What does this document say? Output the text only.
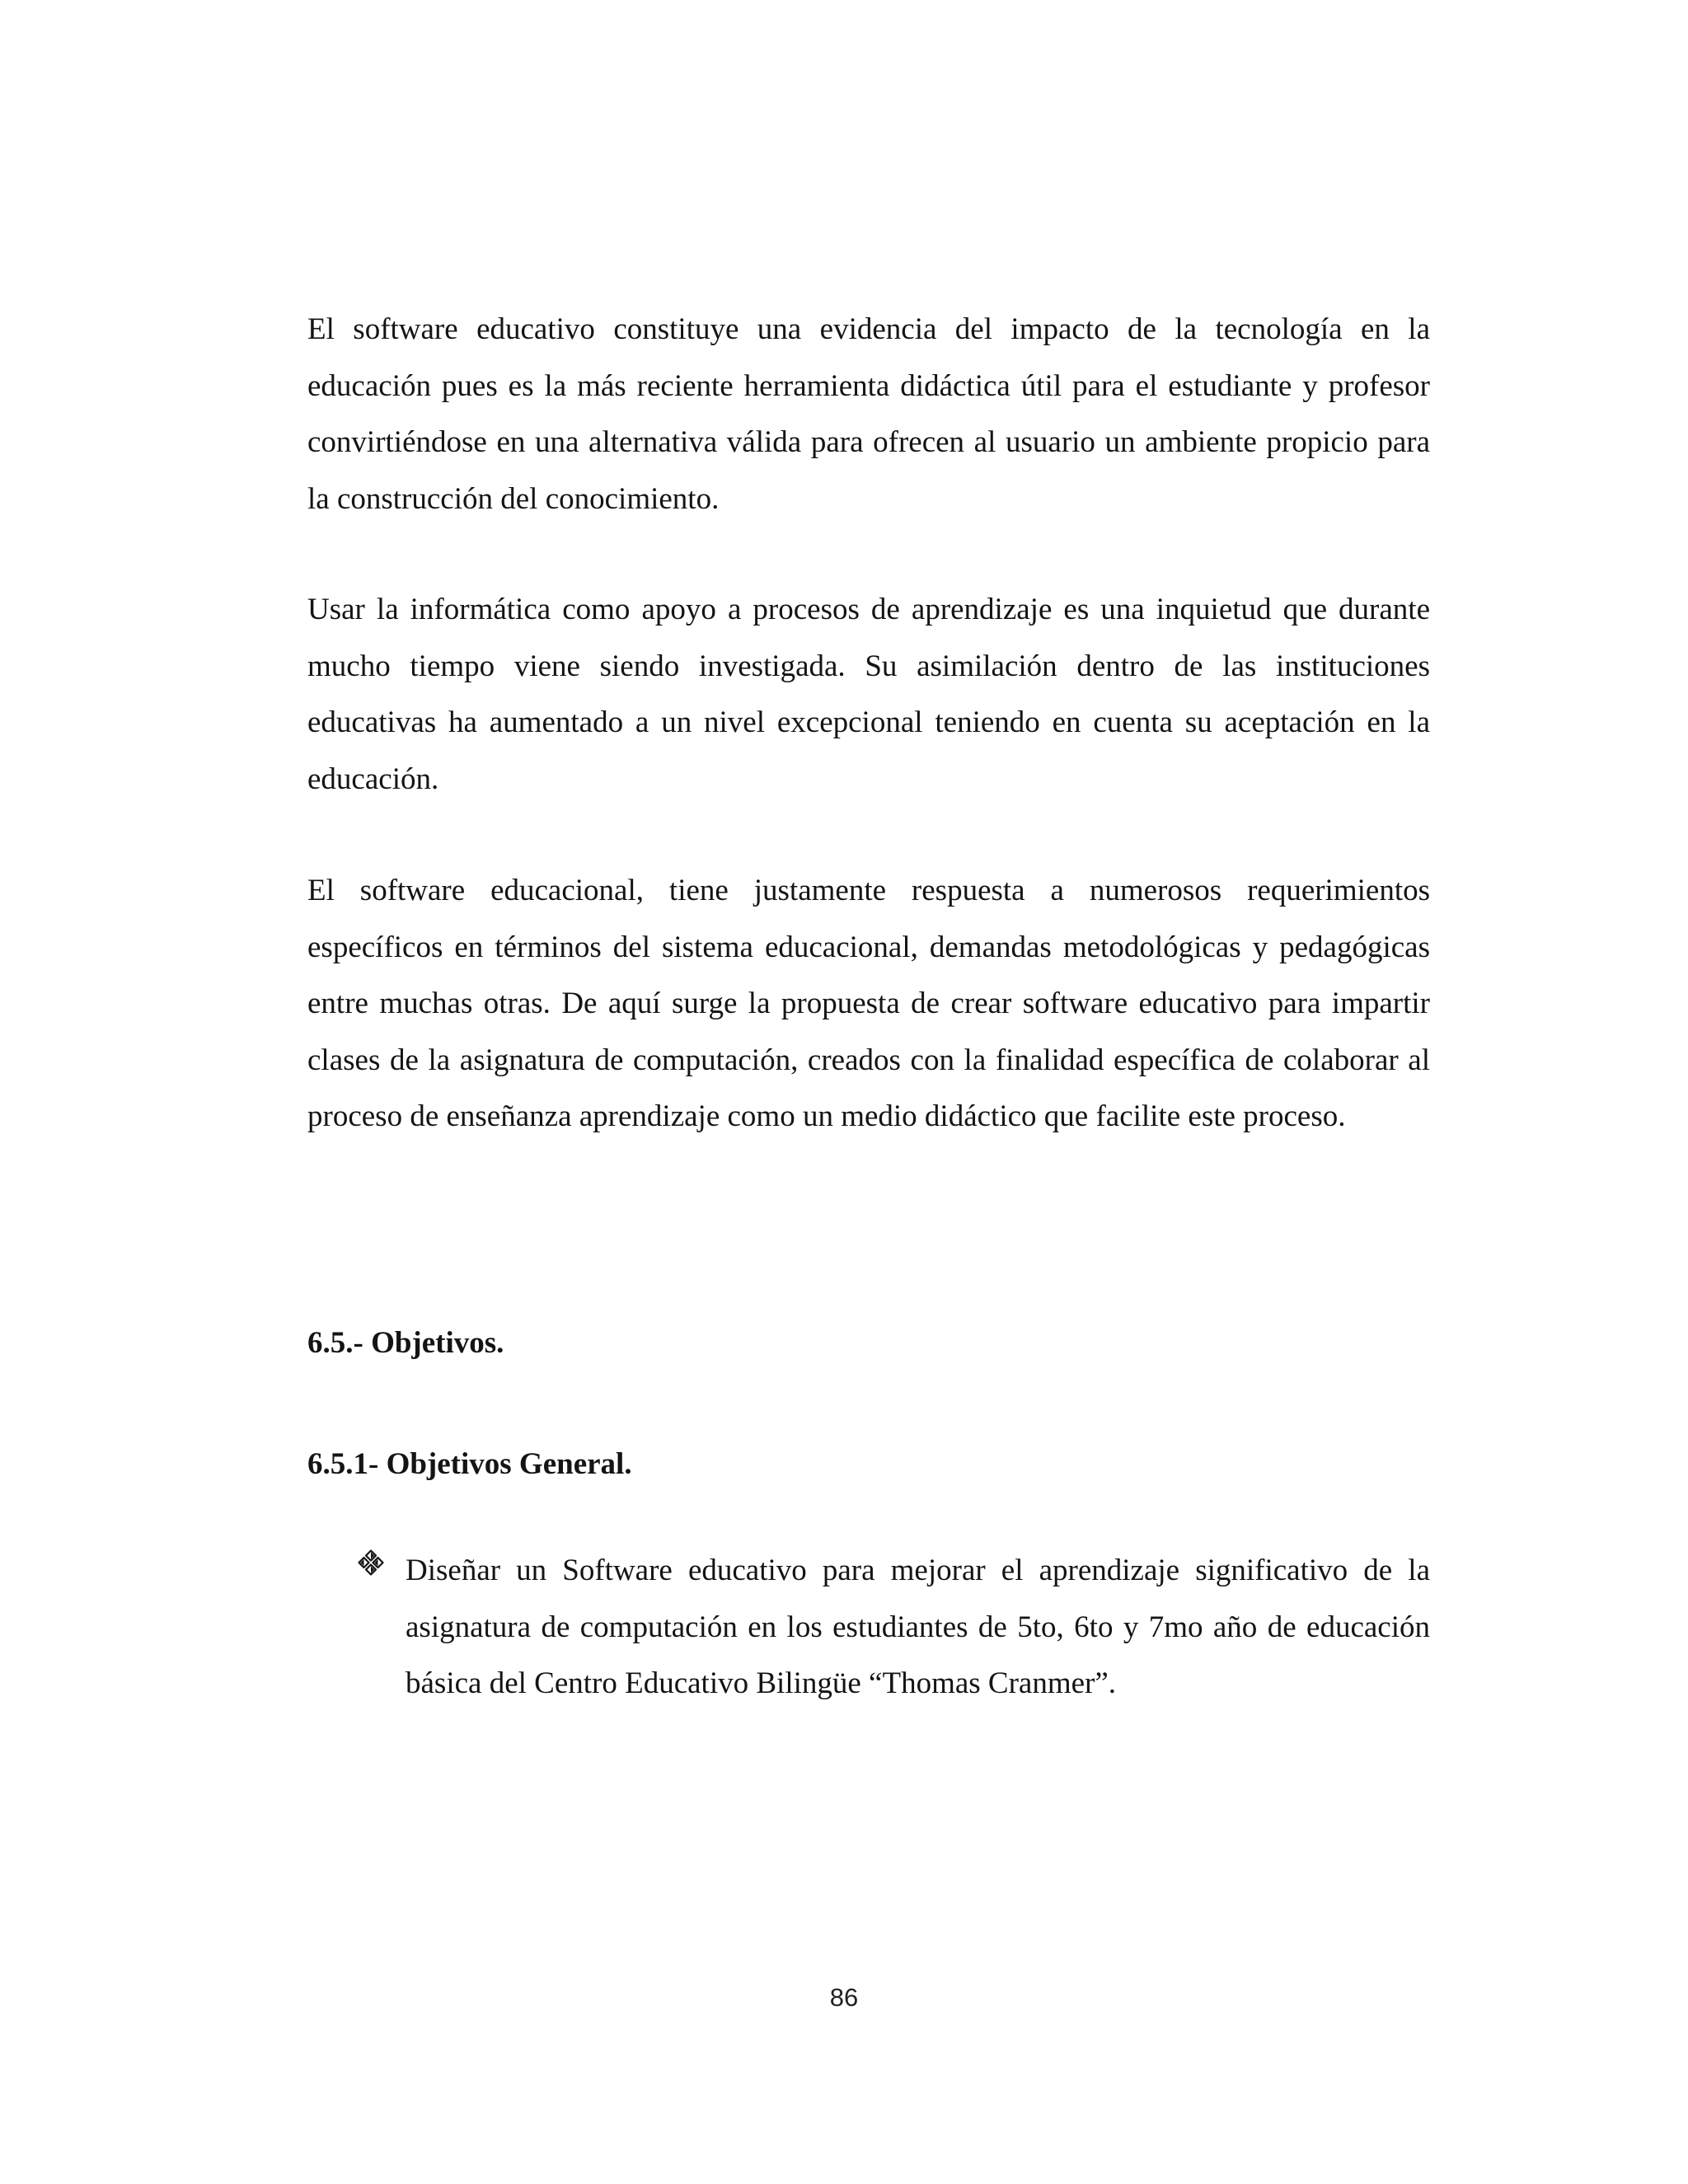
El software educativo constituye una evidencia del impacto de la tecnología en la educación pues es la más reciente herramienta didáctica útil para el estudiante y profesor convirtiéndose en una alternativa válida para ofrecen al usuario un ambiente propicio para la construcción del conocimiento.

Usar la informática como apoyo a procesos de aprendizaje es una inquietud que durante mucho tiempo viene siendo investigada. Su asimilación dentro de las instituciones educativas ha aumentado a un nivel excepcional teniendo en cuenta su aceptación en la educación.

El software educacional, tiene justamente respuesta a numerosos requerimientos específicos en términos del sistema educacional, demandas metodológicas y pedagógicas entre muchas otras. De aquí surge la propuesta de crear software educativo para impartir clases de la asignatura de computación, creados con la finalidad específica de colaborar al proceso de enseñanza aprendizaje como un medio didáctico que facilite este proceso.

6.5.- Objetivos.
6.5.1- Objetivos General.

Diseñar un Software educativo para mejorar el aprendizaje significativo de la asignatura de computación en los estudiantes de 5to, 6to y 7mo año de educación básica del Centro Educativo Bilingüe “Thomas Cranmer”.

86
